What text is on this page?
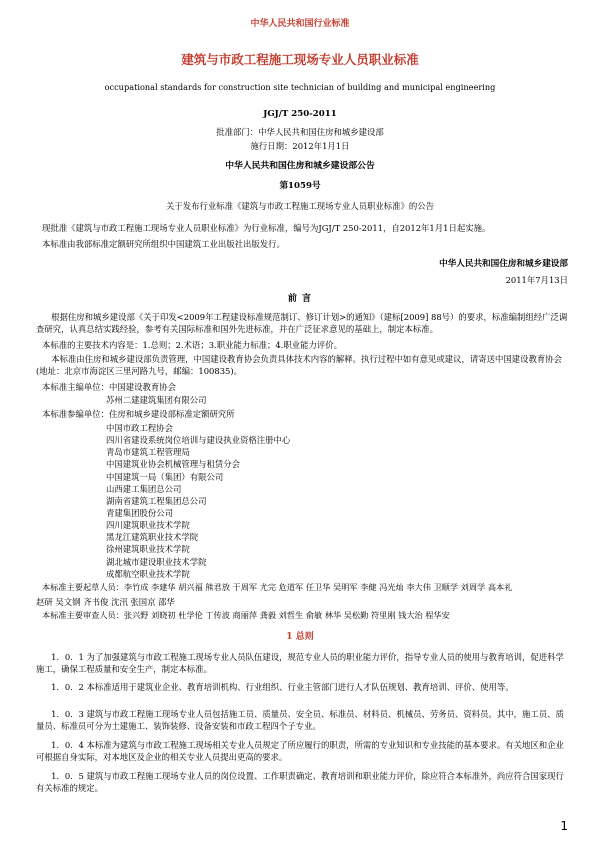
中华人民共和国行业标准
建筑与市政工程施工现场专业人员职业标准
occupational standards for construction site technician of building and municipal engineering
JGJ/T 250-2011
批准部门：中华人民共和国住房和城乡建设部
施行日期：2012年1月1日
中华人民共和国住房和城乡建设部公告
第1059号
关于发布行业标准《建筑与市政工程施工现场专业人员职业标准》的公告
现批准《建筑与市政工程施工现场专业人员职业标准》为行业标准，编号为JGJ/T 250-2011，自2012年1月1日起实施。
本标准由我部标准定额研究所组织中国建筑工业出版社出版发行。
中华人民共和国住房和城乡建设部
2011年7月13日
前 言
根据住房和城乡建设部《关于印发<2009年工程建设标准规范制订、修订计划>的通知》（建标[2009] 88号）的要求，标准编制组经广泛调查研究，认真总结实践经验，参考有关国际标准和国外先进标准，并在广泛征求意见的基础上，制定本标准。
本标准的主要技术内容是：1.总则；2.术语；3.职业能力标准；4.职业能力评价。
本标准由住房和城乡建设部负责管理，中国建设教育协会负责具体技术内容的解释。执行过程中如有意见或建议，请寄送中国建设教育协会(地址：北京市海淀区三里河路九号，邮编：100835)。
本标准主编单位：中国建设教育协会
苏州二建建筑集团有限公司
本标准参编单位：住房和城乡建设部标准定额研究所
中国市政工程协会
四川省建设系统岗位培训与建设执业资格注册中心
青岛市建筑工程管理局
中国建筑业协会机械管理与租赁分会
中国建筑一局（集团）有限公司
山西建工集团总公司
湖南省建筑工程集团总公司
青建集团股份公司
四川建筑职业技术学院
黑龙江建筑职业技术学院
徐州建筑职业技术学院
湖北城市建设职业技术学院
成都航空职业技术学院
本标准主要起草人员：李竹成 李建华 胡兴福 熊君放 于周军 尤完 危道军 任卫华 吴明军 李健 冯光灿 李大伟 卫顺学 刘周学 高本礼
赵研 吴文钢 齐书俊 沈汛 张国京 邵华
本标准主要审查人员：张兴野 刘晓初 杜学伦 丁传波 商丽萍 龚毅 刘哲生 俞敏 林华 吴松勤 符里刚 钱大治 程华安
1 总则
1．0．1 为了加强建筑与市政工程施工现场专业人员队伍建设，规范专业人员的职业能力评价，指导专业人员的使用与教育培训，促进科学施工，确保工程质量和安全生产，制定本标准。
1．0．2 本标准适用于建筑业企业、教育培训机构、行业组织、行业主管部门进行人才队伍规划、教育培训、评价、使用等。
1．0．3 建筑与市政工程施工现场专业人员包括施工员、质量员、安全员、标准员、材料员、机械员、劳务员、资料员。其中，施工员、质量员、标准员可分为土建施工、装饰装修、设备安装和市政工程四个子专业。
1．0．4 本标准为建筑与市政工程施工现场相关专业人员规定了所应履行的职责，所需的专业知识和专业技能的基本要求。有关地区和企业可根据自身实际，对本地区及企业的相关专业人员提出更高的要求。
1．0．5 建筑与市政工程施工现场专业人员的岗位设置、工作职责确定、教育培训和职业能力评价，除应符合本标准外，尚应符合国家现行有关标准的规定。
1
